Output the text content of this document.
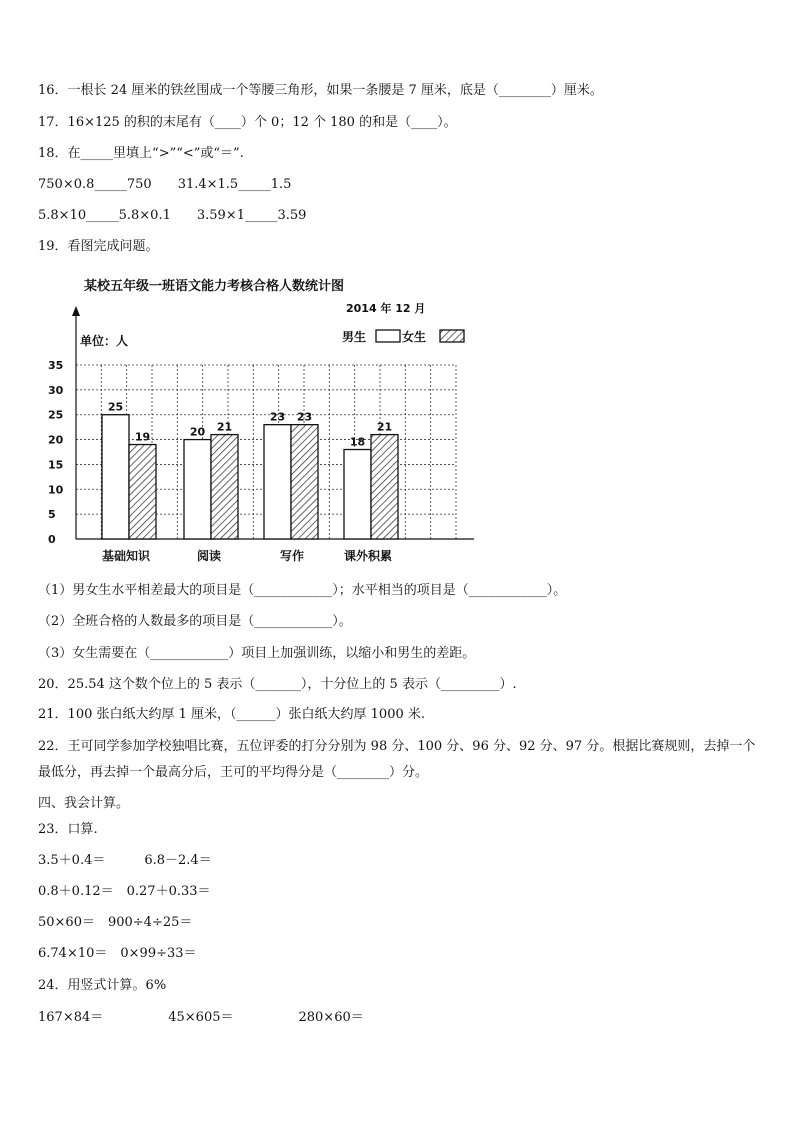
16．一根长 24 厘米的铁丝围成一个等腰三角形，如果一条腰是 7 厘米，底是（________）厘米。
17．16×125 的积的末尾有（____）个 0；12 个 180 的和是（____）。
18．在_____里填上“>”“<”或“＝”.
750×0.8_____750　　31.4×1.5_____1.5
5.8×10_____5.8×0.1　　3.59×1_____3.59
19．看图完成问题。
某校五年级一班语文能力考核合格人数统计图
2014 年 12 月
单位：人	男生	女生
0
5
10
15
20
25
30
35
25
19	20 21
23 23
18
21
基础知识	阅读	写作	课外积累
（1）男女生水平相差最大的项目是（____________）；水平相当的项目是（____________）。
（2）全班合格的人数最多的项目是（____________）。
（3）女生需要在（____________）项目上加强训练，以缩小和男生的差距。
20．25.54 这个数个位上的 5 表示（_______），十分位上的 5 表示（_________）.
21．100 张白纸大约厚 1 厘米，（______）张白纸大约厚 1000 米.
22．王可同学参加学校独唱比赛，五位评委的打分分别为 98 分、100 分、96 分、92 分、97 分。根据比赛规则，去掉一个最低分，再去掉一个最高分后，王可的平均得分是（________）分。
四、我会计算。
23．口算.
3.5＋0.4＝　　　6.8－2.4＝
0.8＋0.12＝　0.27＋0.33＝
50×60＝　900÷4÷25＝
6.74×10＝　0×99÷33＝
24．用竖式计算。6%
167×84＝　　　　　45×605＝　　　　　280×60＝
